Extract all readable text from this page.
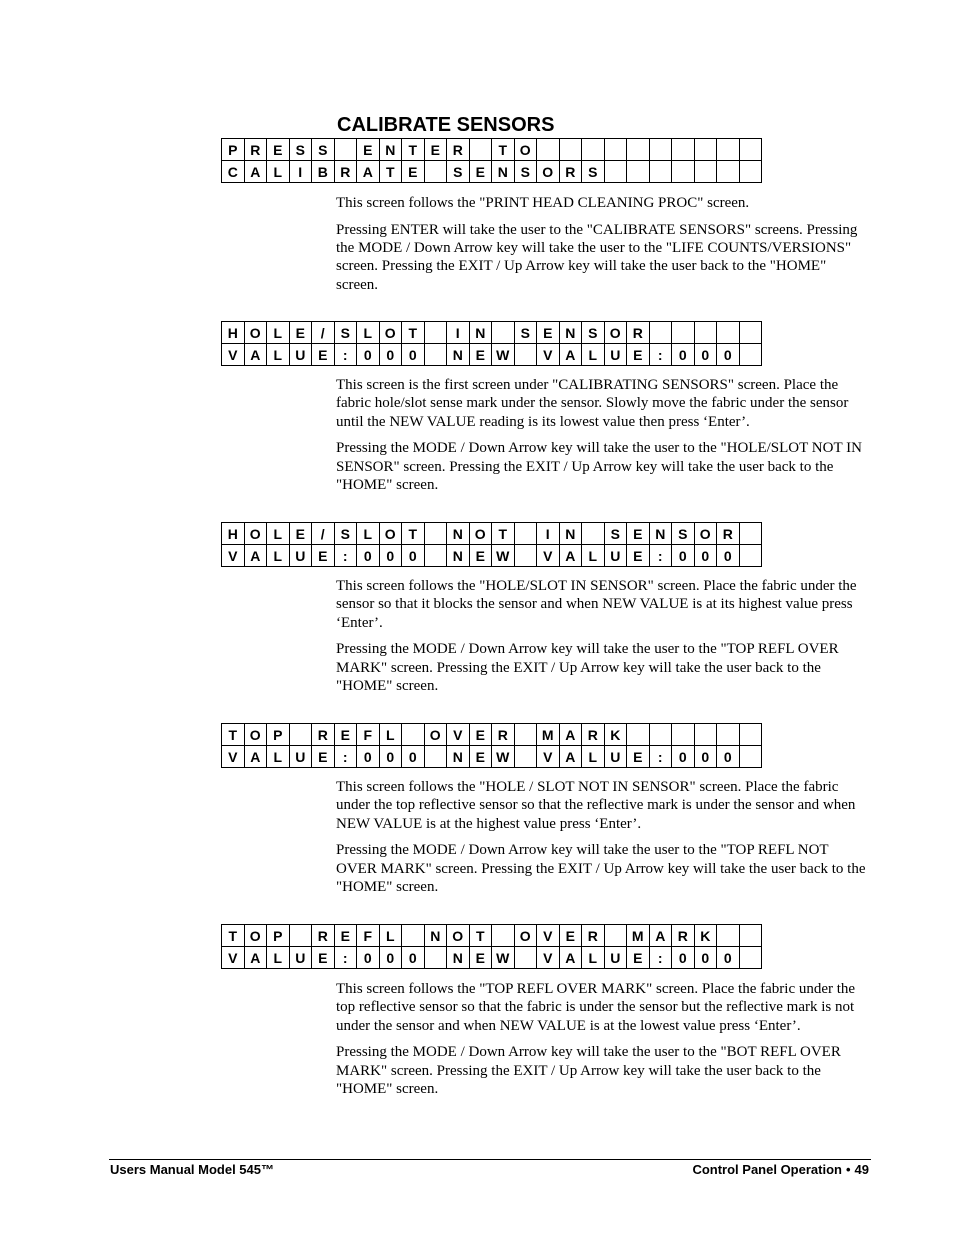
CALIBRATE SENSORS
P	R	E	S	S		E	N	T	E	R		T	O										
C	A	L	I	B	R	A	T	E		S	E	N	S	O	R	S							

This screen follows the "PRINT HEAD CLEANING PROC" screen.

Pressing ENTER will take the user to the "CALIBRATE SENSORS" screens. Pressing the MODE / Down Arrow key will take the user to the "LIFE COUNTS/VERSIONS" screen. Pressing the EXIT / Up Arrow key will take the user back to the "HOME" screen.

H	O	L	E	/	S	L	O	T		I	N		S	E	N	S	O	R					
V	A	L	U	E	:	0	0	0		N	E	W		V	A	L	U	E	:	0	0	0	

This screen is the first screen under "CALIBRATING SENSORS" screen. Place the fabric hole/slot sense mark under the sensor. Slowly move the fabric under the sensor until the NEW VALUE reading is its lowest value then press ‘Enter’.

Pressing the MODE / Down Arrow key will take the user to the "HOLE/SLOT NOT IN SENSOR" screen. Pressing the EXIT / Up Arrow key will take the user back to the "HOME" screen.

H	O	L	E	/	S	L	O	T		N	O	T		I	N		S	E	N	S	O	R	
V	A	L	U	E	:	0	0	0		N	E	W		V	A	L	U	E	:	0	0	0	

This screen follows the "HOLE/SLOT IN SENSOR" screen. Place the fabric under the sensor so that it blocks the sensor and when NEW VALUE is at its highest value press ‘Enter’.

Pressing the MODE / Down Arrow key will take the user to the "TOP REFL OVER MARK" screen. Pressing the EXIT / Up Arrow key will take the user back to the "HOME" screen.

T	O	P		R	E	F	L		O	V	E	R		M	A	R	K						
V	A	L	U	E	:	0	0	0		N	E	W		V	A	L	U	E	:	0	0	0	

This screen follows the "HOLE / SLOT NOT IN SENSOR" screen. Place the fabric under the top reflective sensor so that the reflective mark is under the sensor and when NEW VALUE is at the highest value press ‘Enter’.

Pressing the MODE / Down Arrow key will take the user to the "TOP REFL NOT OVER MARK" screen. Pressing the EXIT / Up Arrow key will take the user back to the "HOME" screen.

T	O	P		R	E	F	L		N	O	T		O	V	E	R		M	A	R	K		
V	A	L	U	E	:	0	0	0		N	E	W		V	A	L	U	E	:	0	0	0	

This screen follows the "TOP REFL OVER MARK" screen. Place the fabric under the top reflective sensor so that the fabric is under the sensor but the reflective mark is not under the sensor and when NEW VALUE is at the lowest value press ‘Enter’.

Pressing the MODE / Down Arrow key will take the user to the "BOT REFL OVER MARK" screen. Pressing the EXIT / Up Arrow key will take the user back to the "HOME" screen.

Users Manual Model 545™	Control Panel Operation • 49
